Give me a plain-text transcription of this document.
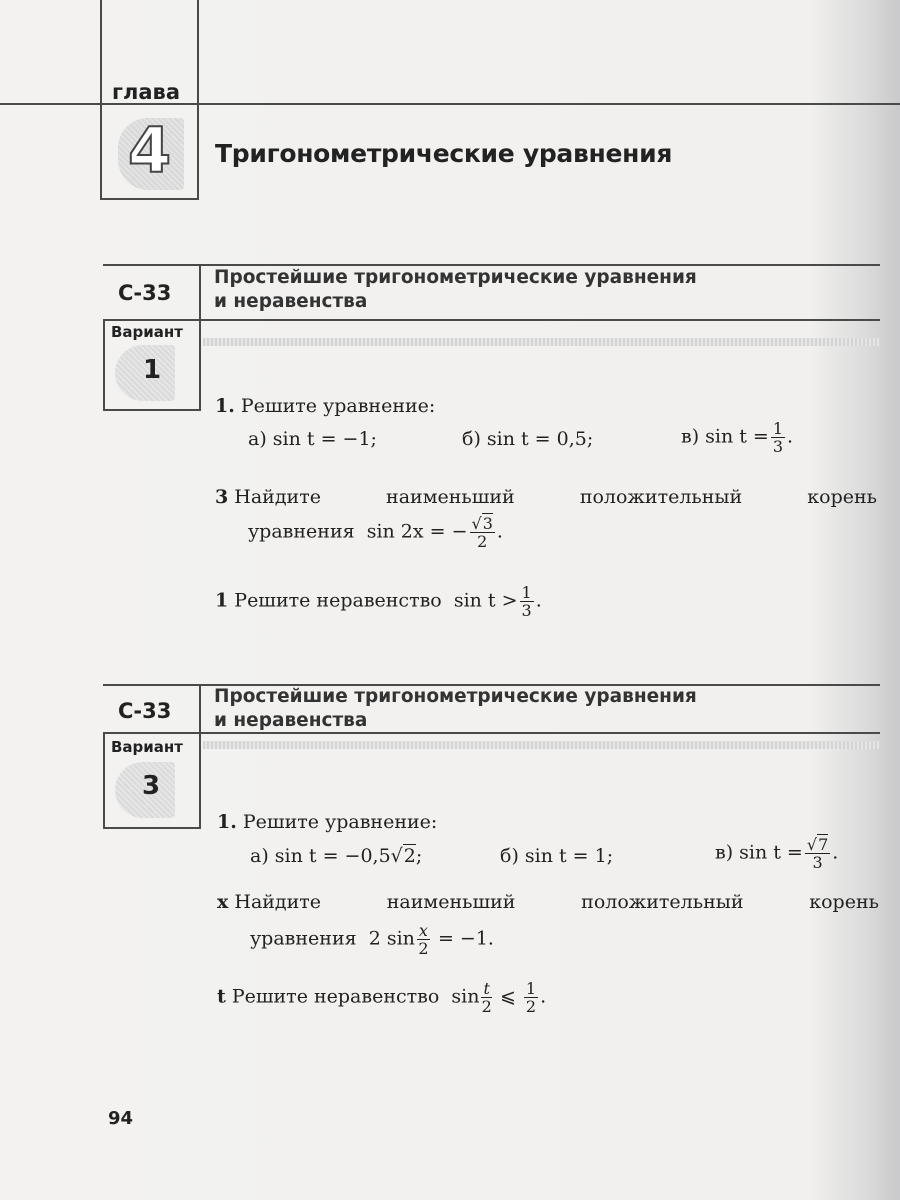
глава
4 Тригонометрические уравнения
С-33
Простейшие тригонометрические уравнения
и неравенства
Вариант
1
1. Решите уравнение:
а) sin t = −1;	б) sin t = 0,5;	в) $\sin t = \frac{1}{3}$ .
3 Найдите	наименьший	положительный	корень
уравнения sin 2x = − $\frac{√3}{2}$ .
1 Решите неравенство $\sin t > \frac{1}{3}$ .
С-33
Простейшие тригонометрические уравнения
и неравенства
Вариант
3
1. Решите уравнение:
а) sin t = −0,5√2;	б) sin t = 1;	в) $\sin t = \frac{√7}{3}$ .
x Найдите	наименьший	положительный	корень
уравнения 2 $\sin \frac{x}{2} = -1$.
t Решите неравенство $\sin \frac{t}{2}$ ⩽ $\frac{1}{2}$ .
94
